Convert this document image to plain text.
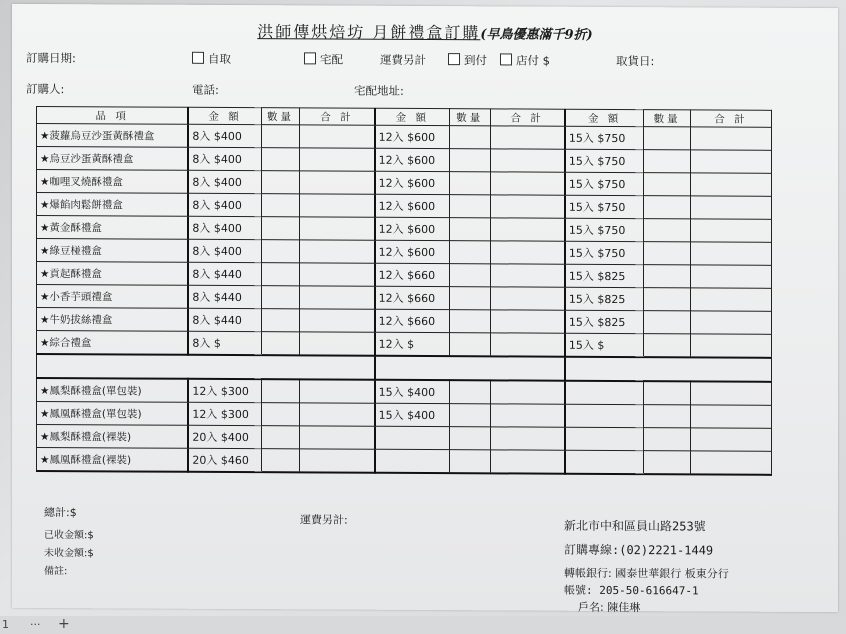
洪師傳烘焙坊 月餅禮盒訂購(早鳥優惠滿千9折)
訂購日期:	自取	宅配	運費另計	到付	店付 $	取貨日:
訂購人:	電話:	宅配地址:
品 項	金 額	數量	合 計	金 額	數量	合 計	金 額	數量	合 計
★菠蘿烏豆沙蛋黃酥禮盒	8入 $400			12入 $600			15入 $750		
★烏豆沙蛋黃酥禮盒	8入 $400			12入 $600			15入 $750		
★咖哩叉燒酥禮盒	8入 $400			12入 $600			15入 $750		
★爆餡肉鬆餅禮盒	8入 $400			12入 $600			15入 $750		
★黃金酥禮盒	8入 $400			12入 $600			15入 $750		
★綠豆椪禮盒	8入 $400			12入 $600			15入 $750		
★貢起酥禮盒	8入 $440			12入 $660			15入 $825		
★小香芋頭禮盒	8入 $440			12入 $660			15入 $825		
★牛奶拔絲禮盒	8入 $440			12入 $660			15入 $825		
★綜合禮盒	8入 $			12入 $			15入 $		

★鳳梨酥禮盒(單包裝)	12入 $300			15入 $400					
★鳳凰酥禮盒(單包裝)	12入 $300			15入 $400					
★鳳梨酥禮盒(裸裝)	20入 $400								
★鳳凰酥禮盒(裸裝)	20入 $460								
總計:$
運費另計:
已收金額:$
未收金額:$
備註:
新北市中和區員山路253號
訂購專線:(02)2221-1449
轉帳銀行: 國泰世華銀行 板東分行
帳號: 205-50-616647-1
戶名: 陳佳琳
1 ··· +
